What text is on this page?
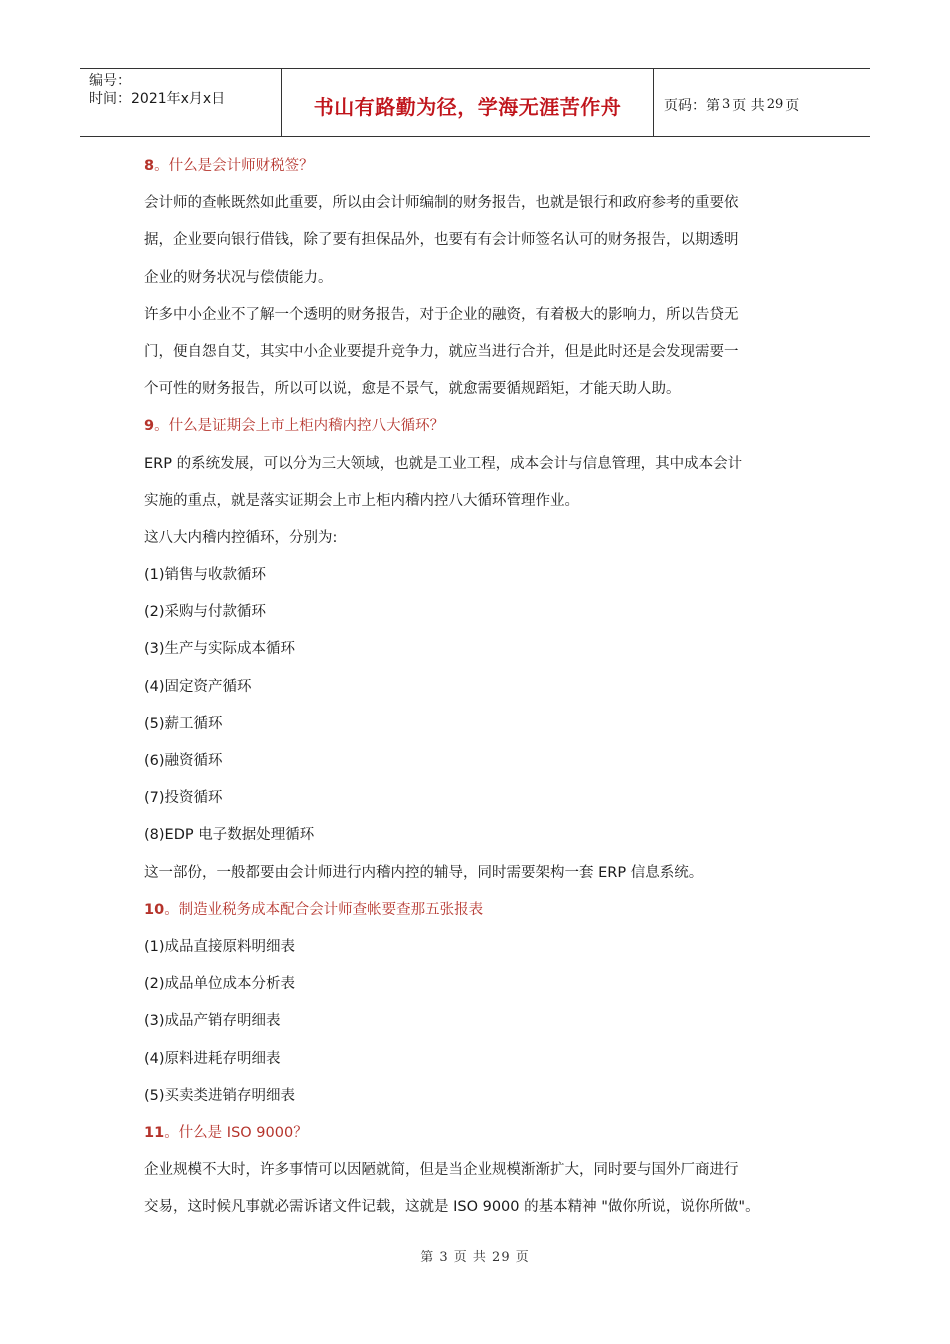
编号：
时间：2021年x月x日	书山有路勤为径，学海无涯苦作舟	页码：第 3 页 共 29 页
8。什么是会计师财税签？
会计师的查帐既然如此重要，所以由会计师编制的财务报告，也就是银行和政府参考的重要依
据，企业要向银行借钱，除了要有担保品外，也要有有会计师签名认可的财务报告，以期透明
企业的财务状况与偿债能力。
许多中小企业不了解一个透明的财务报告，对于企业的融资，有着极大的影响力，所以告贷无
门，便自怨自艾，其实中小企业要提升竞争力，就应当进行合并，但是此时还是会发现需要一
个可性的财务报告，所以可以说，愈是不景气，就愈需要循规蹈矩，才能天助人助。
9。什么是证期会上市上柜内稽内控八大循环？
ERP 的系统发展，可以分为三大领域，也就是工业工程，成本会计与信息管理，其中成本会计
实施的重点，就是落实证期会上市上柜内稽内控八大循环管理作业。
这八大内稽内控循环，分别为:
(1)销售与收款循环
(2)采购与付款循环
(3)生产与实际成本循环
(4)固定资产循环
(5)薪工循环
(6)融资循环
(7)投资循环
(8)EDP 电子数据处理循环
这一部份，一般都要由会计师进行内稽内控的辅导，同时需要架构一套 ERP 信息系统。
10。制造业税务成本配合会计师查帐要查那五张报表
(1)成品直接原料明细表
(2)成品单位成本分析表
(3)成品产销存明细表
(4)原料进耗存明细表
(5)买卖类进销存明细表
11。什么是 ISO 9000？
企业规模不大时，许多事情可以因陋就简，但是当企业规模渐渐扩大，同时要与国外厂商进行
交易，这时候凡事就必需诉诸文件记载，这就是 ISO 9000 的基本精神 "做你所说，说你所做"。
第 3 页 共 29 页
